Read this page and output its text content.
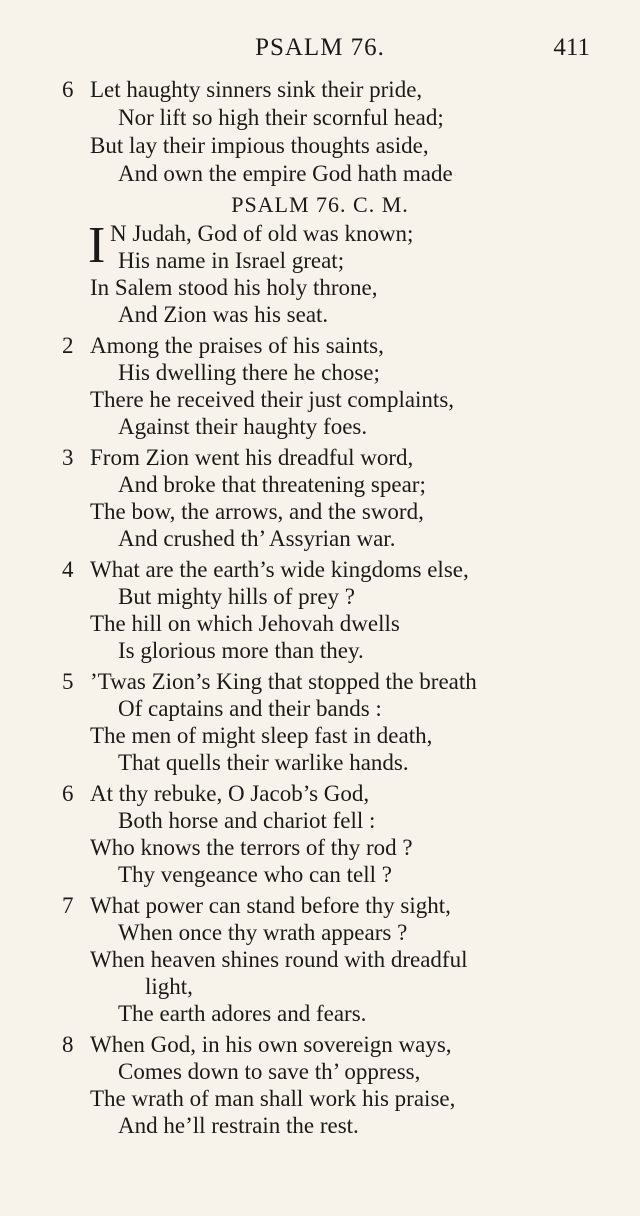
PSALM 76.	411
6 Let haughty sinners sink their pride,
Nor lift so high their scornful head;
But lay their impious thoughts aside,
And own the empire God hath made
PSALM 76. C. M.
I N Judah, God of old was known;
His name in Israel great;
In Salem stood his holy throne,
And Zion was his seat.
2 Among the praises of his saints,
His dwelling there he chose;
There he received their just complaints,
Against their haughty foes.
3 From Zion went his dreadful word,
And broke that threatening spear;
The bow, the arrows, and the sword,
And crushed th’ Assyrian war.
4 What are the earth’s wide kingdoms else,
But mighty hills of prey ?
The hill on which Jehovah dwells
Is glorious more than they.
5 ’Twas Zion’s King that stopped the breath
Of captains and their bands :
The men of might sleep fast in death,
That quells their warlike hands.
6 At thy rebuke, O Jacob’s God,
Both horse and chariot fell :
Who knows the terrors of thy rod ?
Thy vengeance who can tell ?
7 What power can stand before thy sight,
When once thy wrath appears ?
When heaven shines round with dreadful
light,
The earth adores and fears.
8 When God, in his own sovereign ways,
Comes down to save th’ oppress,
The wrath of man shall work his praise,
And he’ll restrain the rest.
